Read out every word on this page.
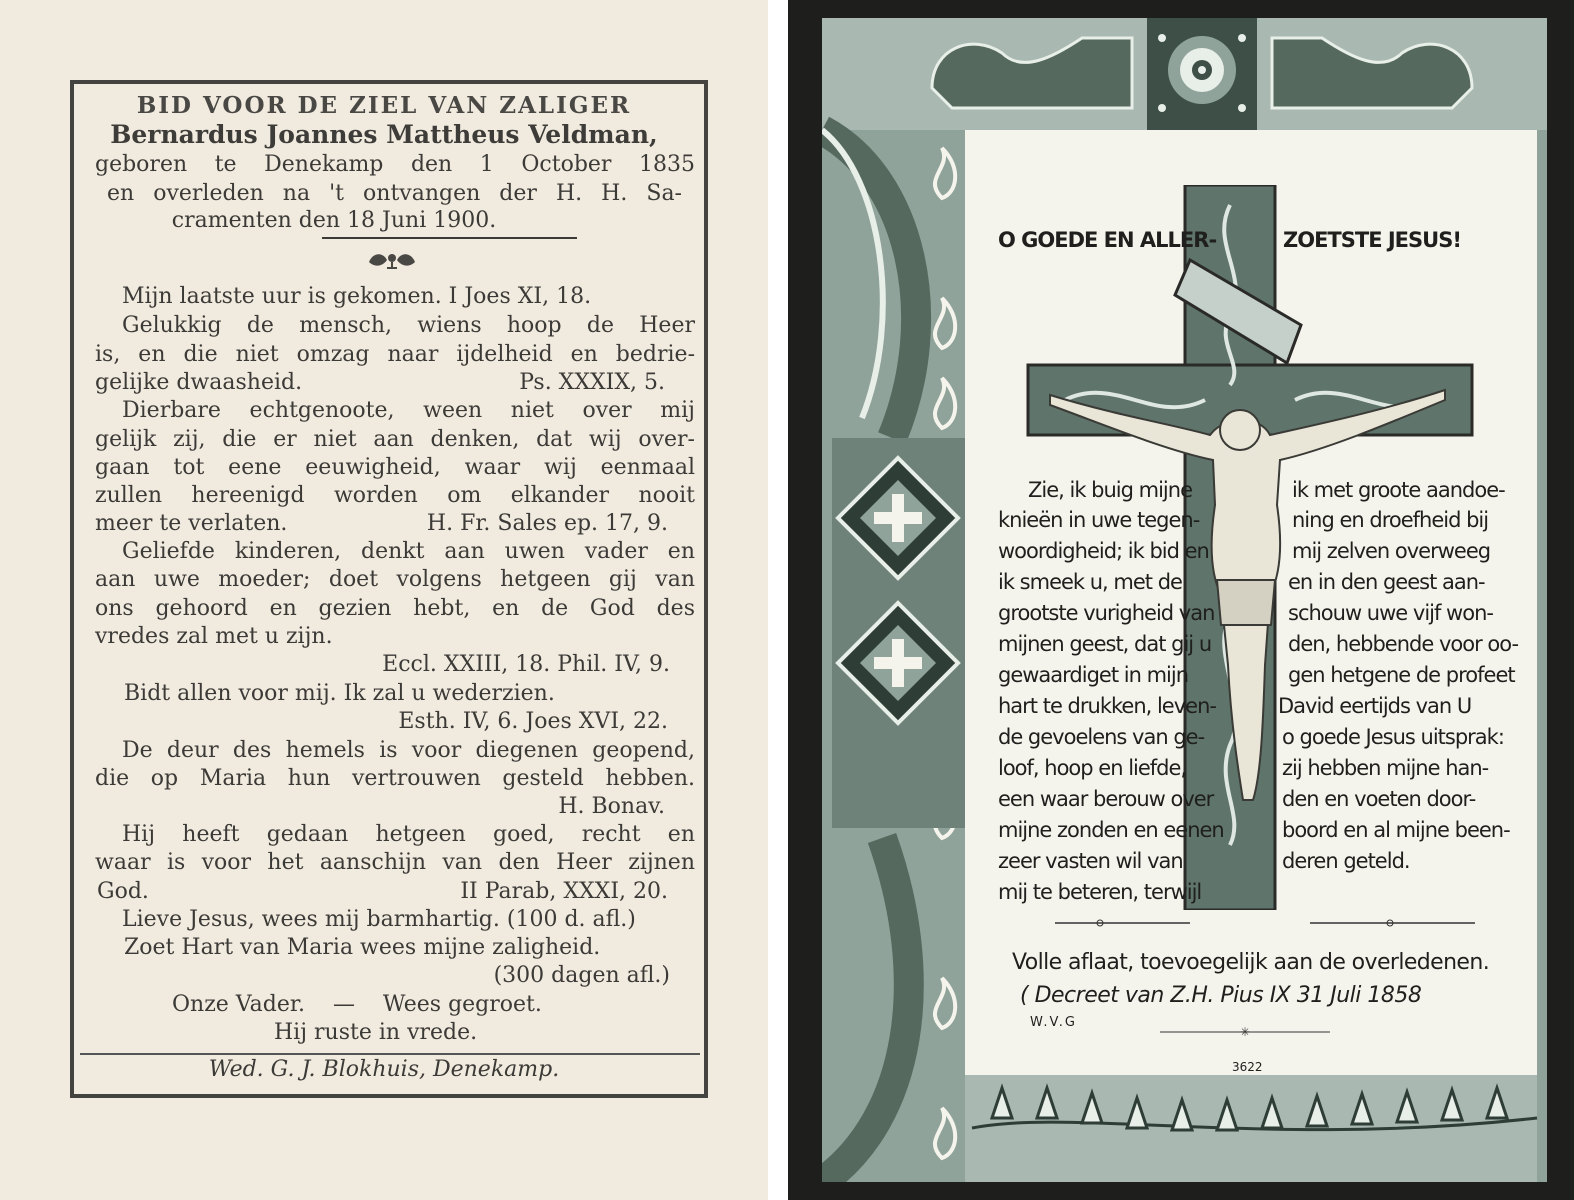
BID VOOR DE ZIEL VAN ZALIGER
Bernardus Joannes Mattheus Veldman,
geboren te Denekamp den 1 October 1835
en overleden na 't ontvangen der H. H. Sa-
cramenten den 18 Juni 1900.
Mijn laatste uur is gekomen. I Joes XI, 18.
Gelukkig de mensch, wiens hoop de Heer
is, en die niet omzag naar ijdelheid en bedrie-
gelijke dwaasheid.	Ps. XXXIX, 5.
Dierbare echtgenoote, ween niet over mij
gelijk zij, die er niet aan denken, dat wij over-
gaan tot eene eeuwigheid, waar wij eenmaal
zullen hereenigd worden om elkander nooit
meer te verlaten.	H. Fr. Sales ep. 17, 9.
Geliefde kinderen, denkt aan uwen vader en
aan uwe moeder; doet volgens hetgeen gij van
ons gehoord en gezien hebt, en de God des
vredes zal met u zijn.
Eccl. XXIII, 18. Phil. IV, 9.
Bidt allen voor mij. Ik zal u wederzien.
Esth. IV, 6. Joes XVI, 22.
De deur des hemels is voor diegenen geopend,
die op Maria hun vertrouwen gesteld hebben.
H. Bonav.
Hij heeft gedaan hetgeen goed, recht en
waar is voor het aanschijn van den Heer zijnen
God.	II Parab, XXXI, 20.
Lieve Jesus, wees mij barmhartig. (100 d. afl.)
Zoet Hart van Maria wees mijne zaligheid.
(300 dagen afl.)
Onze Vader.    —    Wees gegroet.
Hij ruste in vrede.
Wed. G. J. Blokhuis, Denekamp.
O GOEDE EN ALLER-	ZOETSTE JESUS!
Zie, ik buig mijne
knieën in uwe tegen-
woordigheid; ik bid en
ik smeek u, met de
grootste vurigheid van
mijnen geest, dat gij u
gewaardiget in mijn
hart te drukken, leven-
de gevoelens van ge-
loof, hoop en liefde,
een waar berouw over
mijne zonden en eenen
zeer vasten wil van
mij te beteren, terwijl
ik met groote aandoe-
ning en droefheid bij
mij zelven overweeg
en in den geest aan-
schouw uwe vijf won-
den, hebbende voor oo-
gen hetgene de profeet
David eertijds van U
o goede Jesus uitsprak:
zij hebben mijne han-
den en voeten door-
boord en al mijne been-
deren geteld.
Volle aflaat, toevoegelijk aan de overledenen.
( Decreet van Z.H. Pius IX 31 Juli 1858
W.V.G
✳
3622
